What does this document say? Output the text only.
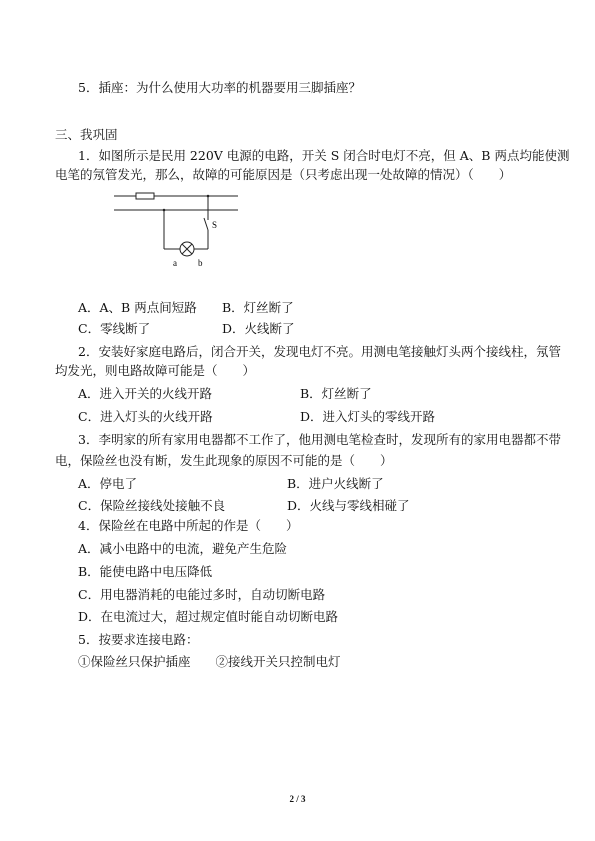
5．插座：为什么使用大功率的机器要用三脚插座？
三、我巩固
1．如图所示是民用 220V 电源的电路，开关 S 闭合时电灯不亮，但 A、B 两点均能使测
电笔的氖管发光，那么，故障的可能原因是（只考虑出现一处故障的情况）（　　）
S
a b
A．A、B 两点间短路 B．灯丝断了
C．零线断了	D．火线断了
2．安装好家庭电路后，闭合开关，发现电灯不亮。用测电笔接触灯头两个接线柱，氖管
均发光，则电路故障可能是（　　）
A．进入开关的火线开路	B．灯丝断了
C．进入灯头的火线开路	D．进入灯头的零线开路
3．李明家的所有家用电器都不工作了，他用测电笔检查时，发现所有的家用电器都不带
电，保险丝也没有断，发生此现象的原因不可能的是（　　）
A．停电了	B．进户火线断了
C．保险丝接线处接触不良	D．火线与零线相碰了
4．保险丝在电路中所起的作是（　　）
A．减小电路中的电流，避免产生危险
B．能使电路中电压降低
C．用电器消耗的电能过多时，自动切断电路
D．在电流过大，超过规定值时能自动切断电路
5．按要求连接电路：
①保险丝只保护插座　　②接线开关只控制电灯
2 / 3
